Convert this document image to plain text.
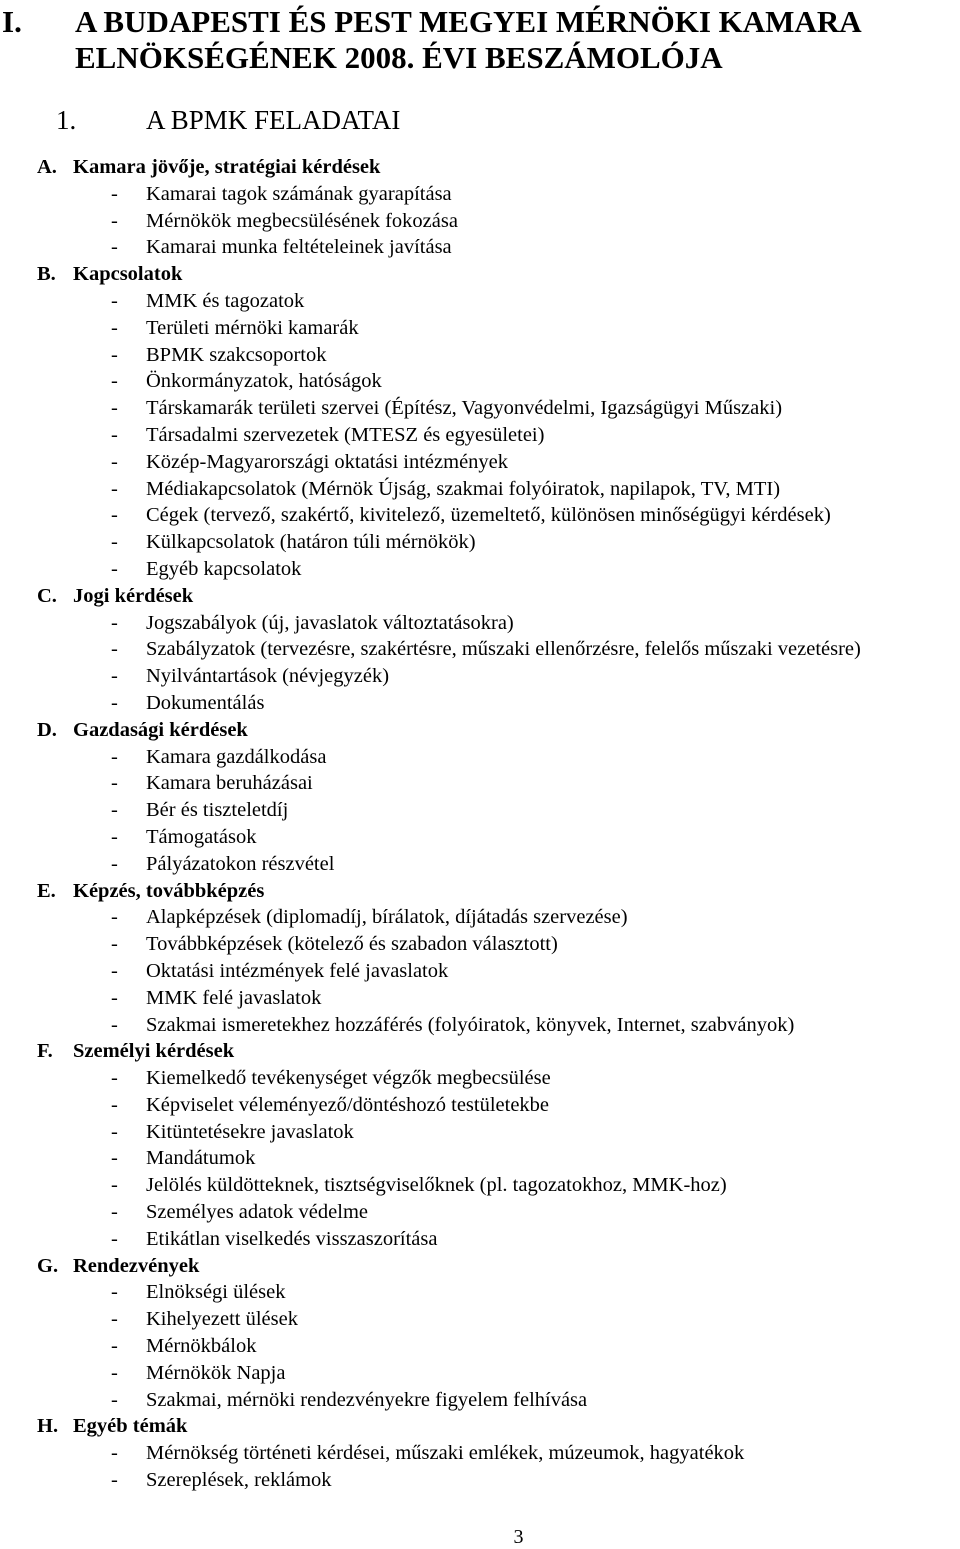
I. A BUDAPESTI ÉS PEST MEGYEI MÉRNÖKI KAMARA
ELNÖKSÉGÉNEK 2008. ÉVI BESZÁMOLÓJA
1.	A BPMK FELADATAI
A. Kamara jövője, stratégiai kérdések
- Kamarai tagok számának gyarapítása
- Mérnökök megbecsülésének fokozása
- Kamarai munka feltételeinek javítása
B. Kapcsolatok
- MMK és tagozatok
- Területi mérnöki kamarák
- BPMK szakcsoportok
- Önkormányzatok, hatóságok
- Társkamarák területi szervei (Építész, Vagyonvédelmi, Igazságügyi Műszaki)
- Társadalmi szervezetek (MTESZ és egyesületei)
- Közép-Magyarországi oktatási intézmények
- Médiakapcsolatok (Mérnök Újság, szakmai folyóiratok, napilapok, TV, MTI)
- Cégek (tervező, szakértő, kivitelező, üzemeltető, különösen minőségügyi kérdések)
- Külkapcsolatok (határon túli mérnökök)
- Egyéb kapcsolatok
C. Jogi kérdések
- Jogszabályok (új, javaslatok változtatásokra)
- Szabályzatok (tervezésre, szakértésre, műszaki ellenőrzésre, felelős műszaki vezetésre)
- Nyilvántartások (névjegyzék)
- Dokumentálás
D. Gazdasági kérdések
- Kamara gazdálkodása
- Kamara beruházásai
- Bér és tiszteletdíj
- Támogatások
- Pályázatokon részvétel
E. Képzés, továbbképzés
- Alapképzések (diplomadíj, bírálatok, díjátadás szervezése)
- Továbbképzések (kötelező és szabadon választott)
- Oktatási intézmények felé javaslatok
- MMK felé javaslatok
- Szakmai ismeretekhez hozzáférés (folyóiratok, könyvek, Internet, szabványok)
F. Személyi kérdések
- Kiemelkedő tevékenységet végzők megbecsülése
- Képviselet véleményező/döntéshozó testületekbe
- Kitüntetésekre javaslatok
- Mandátumok
- Jelölés küldötteknek, tisztségviselőknek (pl. tagozatokhoz, MMK-hoz)
- Személyes adatok védelme
- Etikátlan viselkedés visszaszorítása
G. Rendezvények
- Elnökségi ülések
- Kihelyezett ülések
- Mérnökbálok
- Mérnökök Napja
- Szakmai, mérnöki rendezvényekre figyelem felhívása
H. Egyéb témák
- Mérnökség történeti kérdései, műszaki emlékek, múzeumok, hagyatékok
- Szereplések, reklámok
3
